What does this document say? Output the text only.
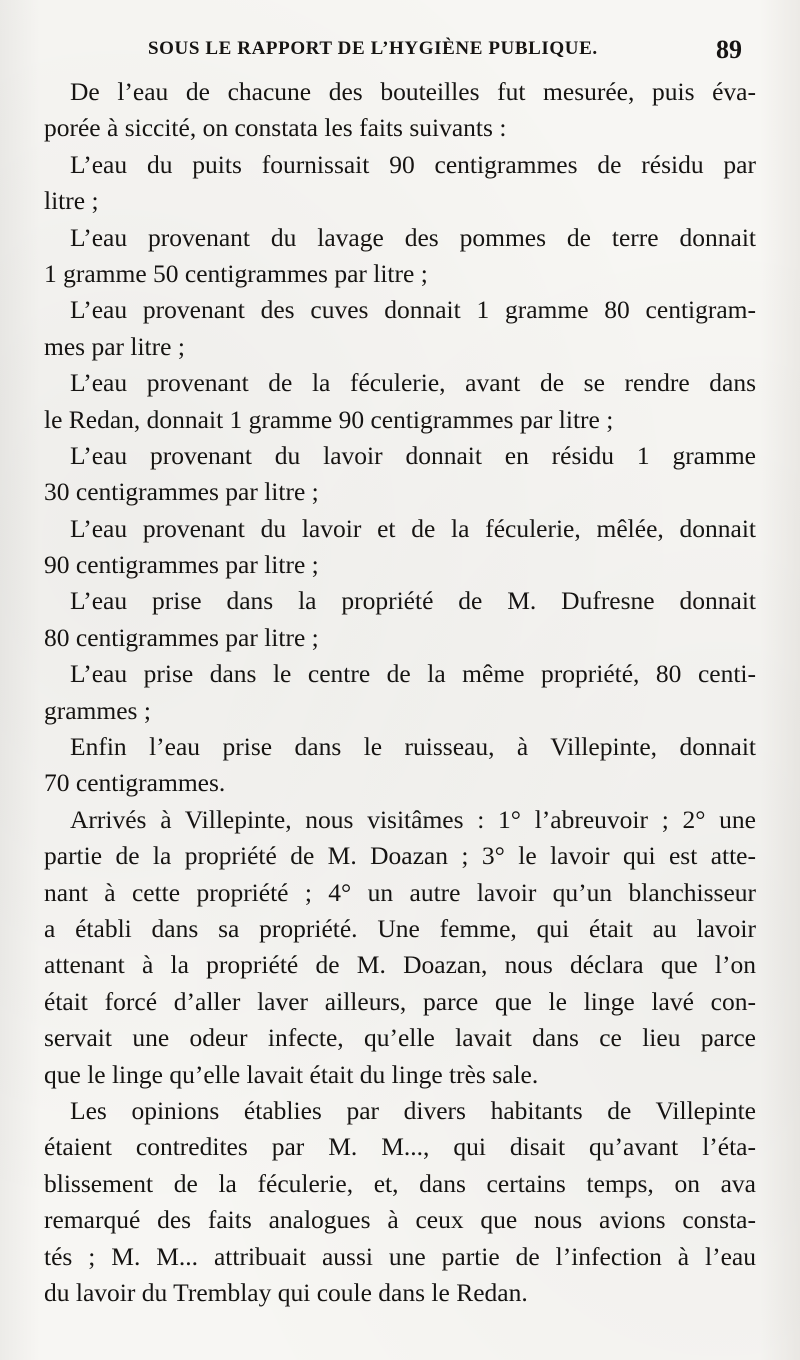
SOUS LE RAPPORT DE L’HYGIÈNE PUBLIQUE.	89
De l’eau de chacune des bouteilles fut mesurée, puis éva-
porée à siccité, on constata les faits suivants :
L’eau du puits fournissait 90 centigrammes de résidu par
litre ;
L’eau provenant du lavage des pommes de terre donnait
1 gramme 50 centigrammes par litre ;
L’eau provenant des cuves donnait 1 gramme 80 centigram-
mes par litre ;
L’eau provenant de la féculerie, avant de se rendre dans
le Redan, donnait 1 gramme 90 centigrammes par litre ;
L’eau provenant du lavoir donnait en résidu 1 gramme
30 centigrammes par litre ;
L’eau provenant du lavoir et de la féculerie, mêlée, donnait
90 centigrammes par litre ;
L’eau prise dans la propriété de M. Dufresne donnait
80 centigrammes par litre ;
L’eau prise dans le centre de la même propriété, 80 centi-
grammes ;
Enfin l’eau prise dans le ruisseau, à Villepinte, donnait
70 centigrammes.
Arrivés à Villepinte, nous visitâmes : 1° l’abreuvoir ; 2° une
partie de la propriété de M. Doazan ; 3° le lavoir qui est atte-
nant à cette propriété ; 4° un autre lavoir qu’un blanchisseur
a établi dans sa propriété. Une femme, qui était au lavoir
attenant à la propriété de M. Doazan, nous déclara que l’on
était forcé d’aller laver ailleurs, parce que le linge lavé con-
servait une odeur infecte, qu’elle lavait dans ce lieu parce
que le linge qu’elle lavait était du linge très sale.
Les opinions établies par divers habitants de Villepinte
étaient contredites par M. M..., qui disait qu’avant l’éta-
blissement de la féculerie, et, dans certains temps, on ava
remarqué des faits analogues à ceux que nous avions consta-
tés ; M. M... attribuait aussi une partie de l’infection à l’eau
du lavoir du Tremblay qui coule dans le Redan.
